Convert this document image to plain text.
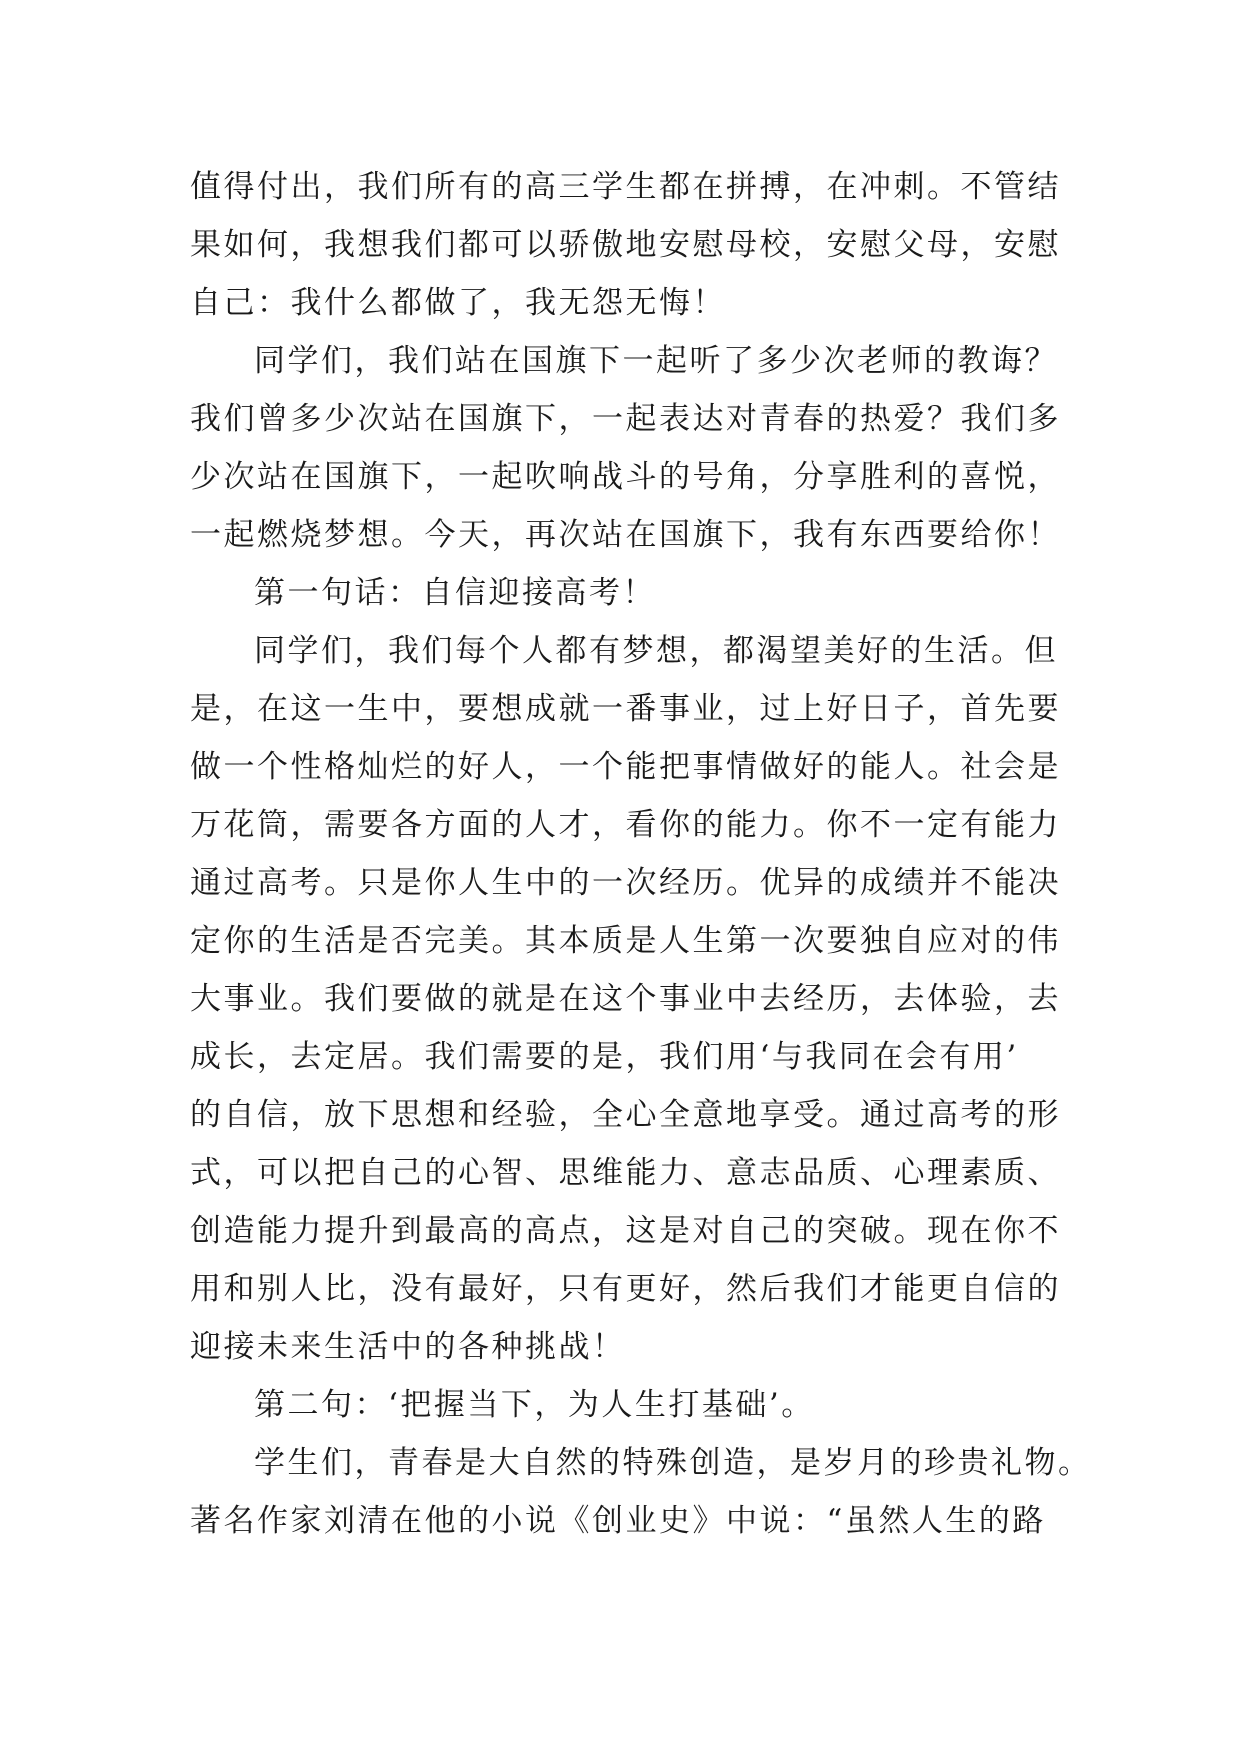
值得付出，我们所有的高三学生都在拼搏，在冲刺。不管结
果如何，我想我们都可以骄傲地安慰母校，安慰父母，安慰
自己：我什么都做了，我无怨无悔！
同学们，我们站在国旗下一起听了多少次老师的教诲？
我们曾多少次站在国旗下，一起表达对青春的热爱？我们多
少次站在国旗下，一起吹响战斗的号角，分享胜利的喜悦，
一起燃烧梦想。今天，再次站在国旗下，我有东西要给你！
第一句话：自信迎接高考！
同学们，我们每个人都有梦想，都渴望美好的生活。但
是，在这一生中，要想成就一番事业，过上好日子，首先要
做一个性格灿烂的好人，一个能把事情做好的能人。社会是
万花筒，需要各方面的人才，看你的能力。你不一定有能力
通过高考。只是你人生中的一次经历。优异的成绩并不能决
定你的生活是否完美。其本质是人生第一次要独自应对的伟
大事业。我们要做的就是在这个事业中去经历，去体验，去
成长，去定居。我们需要的是，我们用‘与我同在会有用’
的自信，放下思想和经验，全心全意地享受。通过高考的形
式，可以把自己的心智、思维能力、意志品质、心理素质、
创造能力提升到最高的高点，这是对自己的突破。现在你不
用和别人比，没有最好，只有更好，然后我们才能更自信的
迎接未来生活中的各种挑战！
第二句：‘把握当下，为人生打基础’。
学生们，青春是大自然的特殊创造，是岁月的珍贵礼物。
著名作家刘清在他的小说《创业史》中说：“虽然人生的路
